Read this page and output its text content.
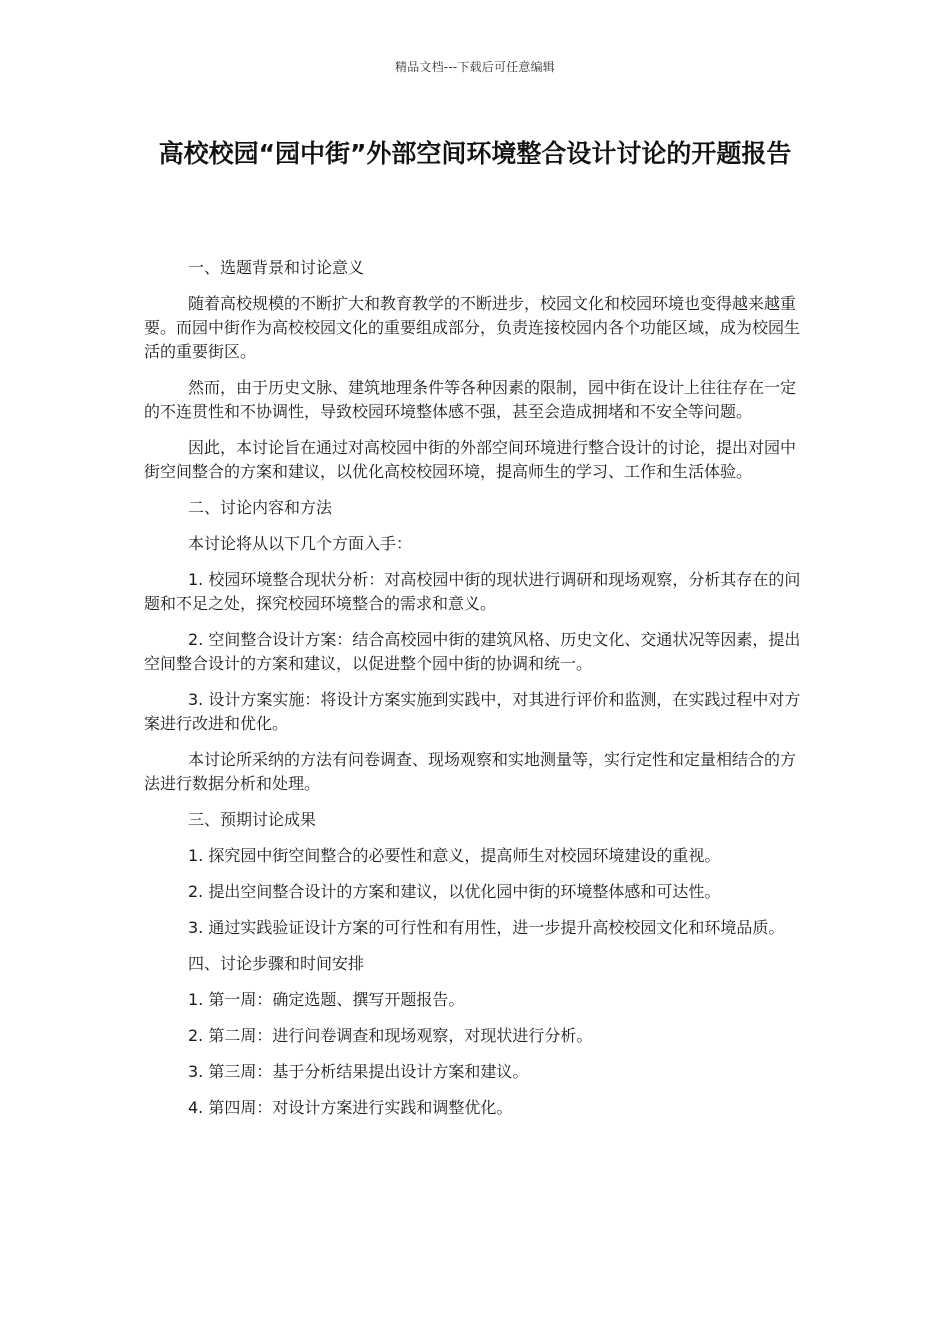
精品文档---下载后可任意编辑
高校校园“园中街”外部空间环境整合设计讨论的开题报告

一、选题背景和讨论意义

随着高校规模的不断扩大和教育教学的不断进步，校园文化和校园环境也变得越来越重要。而园中街作为高校校园文化的重要组成部分，负责连接校园内各个功能区域，成为校园生活的重要街区。

然而，由于历史文脉、建筑地理条件等各种因素的限制，园中街在设计上往往存在一定的不连贯性和不协调性，导致校园环境整体感不强，甚至会造成拥堵和不安全等问题。

因此，本讨论旨在通过对高校园中街的外部空间环境进行整合设计的讨论，提出对园中街空间整合的方案和建议，以优化高校校园环境，提高师生的学习、工作和生活体验。

二、讨论内容和方法

本讨论将从以下几个方面入手：

1. 校园环境整合现状分析：对高校园中街的现状进行调研和现场观察，分析其存在的问题和不足之处，探究校园环境整合的需求和意义。

2. 空间整合设计方案：结合高校园中街的建筑风格、历史文化、交通状况等因素，提出空间整合设计的方案和建议，以促进整个园中街的协调和统一。

3. 设计方案实施：将设计方案实施到实践中，对其进行评价和监测，在实践过程中对方案进行改进和优化。

本讨论所采纳的方法有问卷调查、现场观察和实地测量等，实行定性和定量相结合的方法进行数据分析和处理。

三、预期讨论成果

1. 探究园中街空间整合的必要性和意义，提高师生对校园环境建设的重视。

2. 提出空间整合设计的方案和建议，以优化园中街的环境整体感和可达性。

3. 通过实践验证设计方案的可行性和有用性，进一步提升高校校园文化和环境品质。

四、讨论步骤和时间安排

1. 第一周：确定选题、撰写开题报告。

2. 第二周：进行问卷调查和现场观察，对现状进行分析。

3. 第三周：基于分析结果提出设计方案和建议。

4. 第四周：对设计方案进行实践和调整优化。
